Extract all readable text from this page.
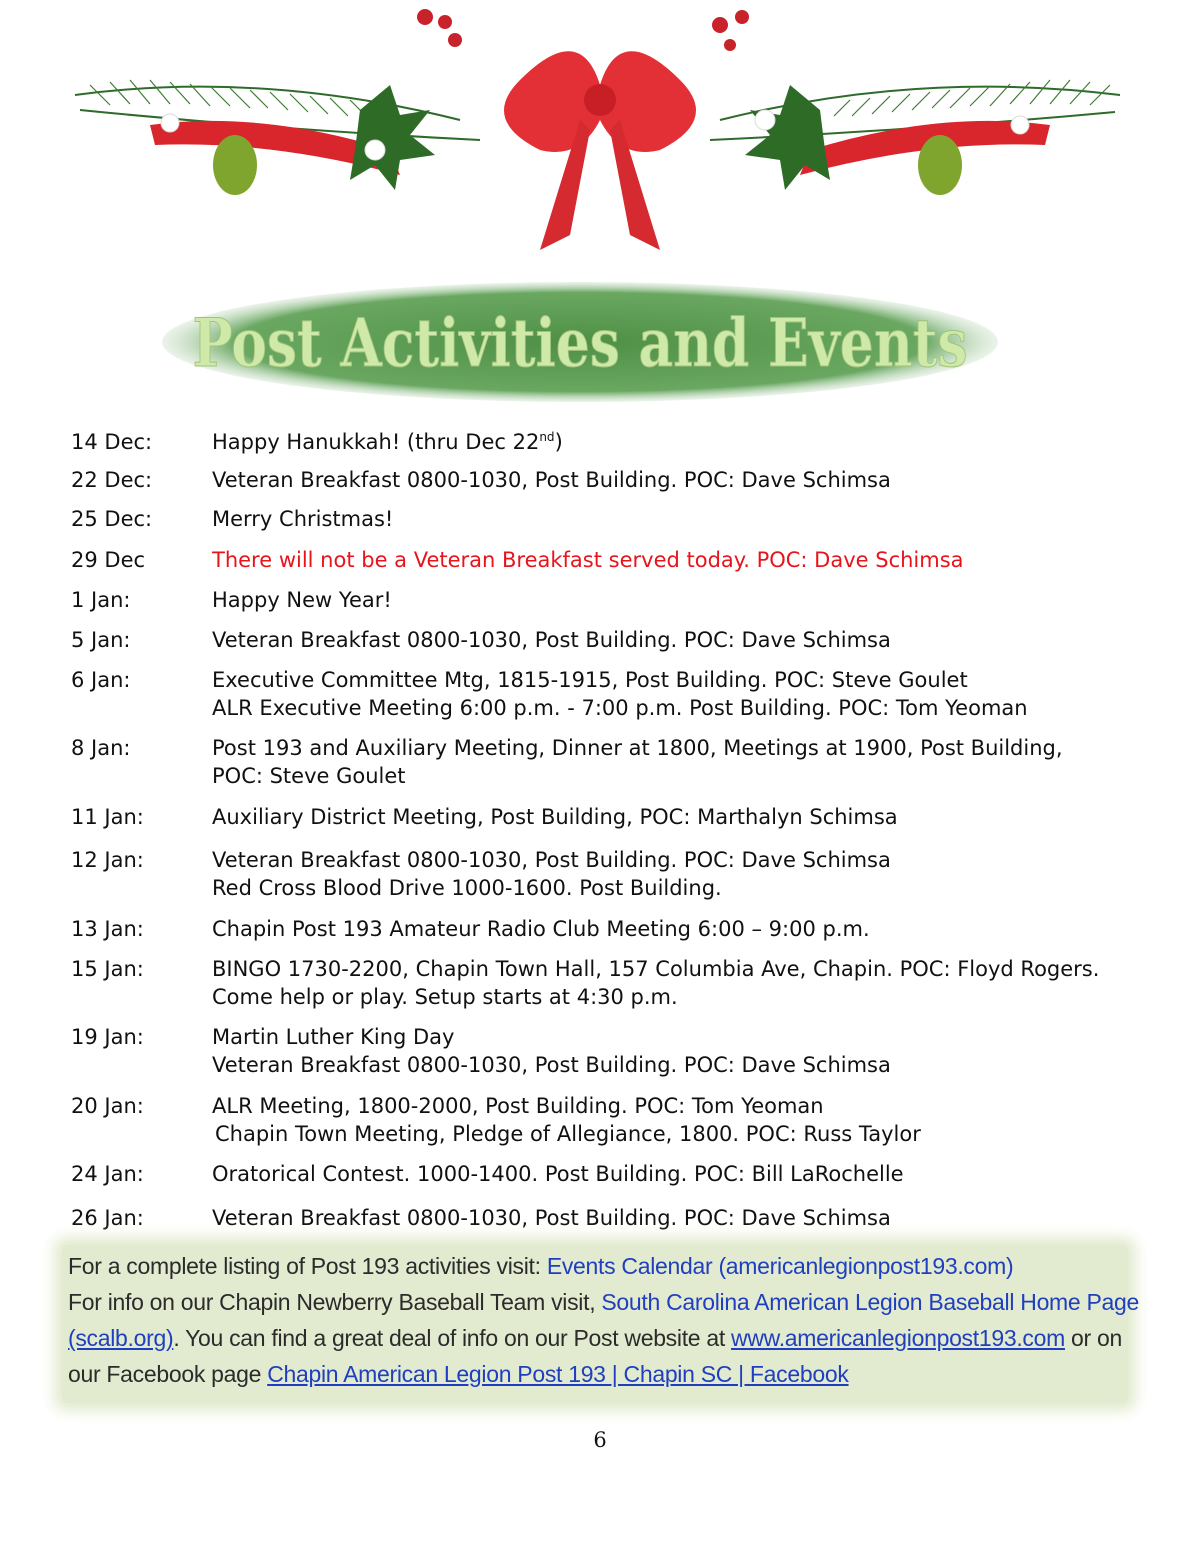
Post Activities and Events
14 Dec:	Happy Hanukkah! (thru Dec 22nd)
22 Dec:	Veteran Breakfast 0800-1030, Post Building. POC: Dave Schimsa
25 Dec:	Merry Christmas!
29 Dec	There will not be a Veteran Breakfast served today. POC: Dave Schimsa
1 Jan:	Happy New Year!
5 Jan:	Veteran Breakfast 0800-1030, Post Building. POC: Dave Schimsa
6 Jan:	Executive Committee Mtg, 1815-1915, Post Building. POC: Steve Goulet
ALR Executive Meeting 6:00 p.m. - 7:00 p.m. Post Building. POC: Tom Yeoman
8 Jan:	Post 193 and Auxiliary Meeting, Dinner at 1800, Meetings at 1900, Post Building, POC: Steve Goulet
11 Jan:	Auxiliary District Meeting, Post Building, POC: Marthalyn Schimsa
12 Jan:	Veteran Breakfast 0800-1030, Post Building. POC: Dave Schimsa
Red Cross Blood Drive 1000-1600. Post Building.
13 Jan:	Chapin Post 193 Amateur Radio Club Meeting 6:00 – 9:00 p.m.
15 Jan:	BINGO 1730-2200, Chapin Town Hall, 157 Columbia Ave, Chapin. POC: Floyd Rogers. Come help or play. Setup starts at 4:30 p.m.
19 Jan:	Martin Luther King Day
Veteran Breakfast 0800-1030, Post Building. POC: Dave Schimsa
20 Jan:	ALR Meeting, 1800-2000, Post Building. POC: Tom Yeoman
Chapin Town Meeting, Pledge of Allegiance, 1800. POC: Russ Taylor
24 Jan:	Oratorical Contest. 1000-1400. Post Building. POC: Bill LaRochelle
26 Jan:	Veteran Breakfast 0800-1030, Post Building. POC: Dave Schimsa
For a complete listing of Post 193 activities visit: Events Calendar (americanlegionpost193.com)
For info on our Chapin Newberry Baseball Team visit, South Carolina American Legion Baseball Home Page
(scalb.org). You can find a great deal of info on our Post website at www.americanlegionpost193.com or on
our Facebook page Chapin American Legion Post 193 | Chapin SC | Facebook
6
